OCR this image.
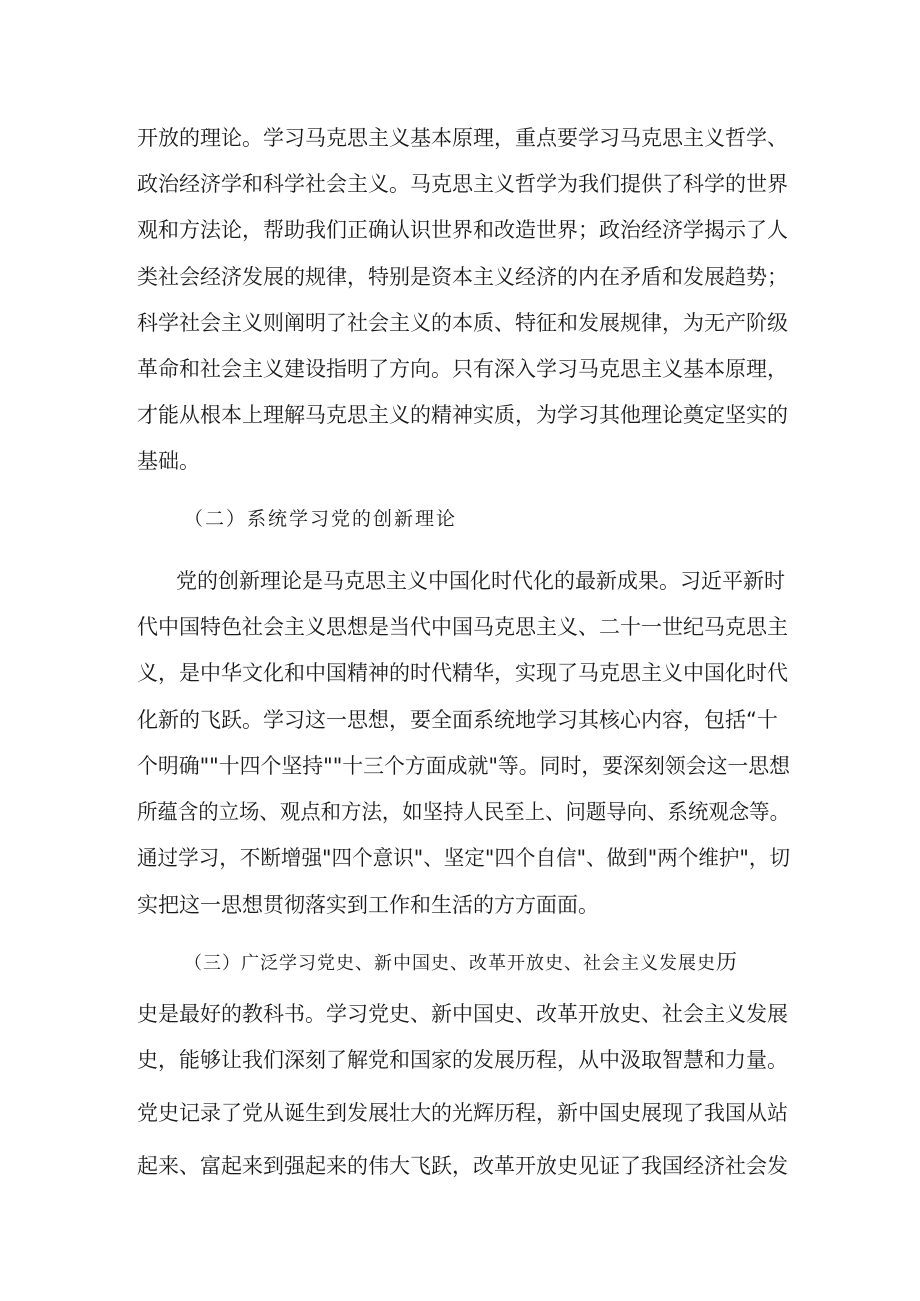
开放的理论。学习马克思主义基本原理，重点要学习马克思主义哲学、
政治经济学和科学社会主义。马克思主义哲学为我们提供了科学的世界
观和方法论，帮助我们正确认识世界和改造世界；政治经济学揭示了人
类社会经济发展的规律，特别是资本主义经济的内在矛盾和发展趋势；
科学社会主义则阐明了社会主义的本质、特征和发展规律，为无产阶级
革命和社会主义建设指明了方向。只有深入学习马克思主义基本原理，
才能从根本上理解马克思主义的精神实质，为学习其他理论奠定坚实的
基础。
（二）系统学习党的创新理论
党的创新理论是马克思主义中国化时代化的最新成果。习近平新时
代中国特色社会主义思想是当代中国马克思主义、二十一世纪马克思主
义，是中华文化和中国精神的时代精华，实现了马克思主义中国化时代
化新的飞跃。学习这一思想，要全面系统地学习其核心内容，包括“十
个明确""十四个坚持""十三个方面成就"等。同时，要深刻领会这一思想
所蕴含的立场、观点和方法，如坚持人民至上、问题导向、系统观念等。
通过学习，不断增强"四个意识"、坚定"四个自信"、做到"两个维护"，切
实把这一思想贯彻落实到工作和生活的方方面面。
（三）广泛学习党史、新中国史、改革开放史、社会主义发展史历
史是最好的教科书。学习党史、新中国史、改革开放史、社会主义发展
史，能够让我们深刻了解党和国家的发展历程，从中汲取智慧和力量。
党史记录了党从诞生到发展壮大的光辉历程，新中国史展现了我国从站
起来、富起来到强起来的伟大飞跃，改革开放史见证了我国经济社会发
